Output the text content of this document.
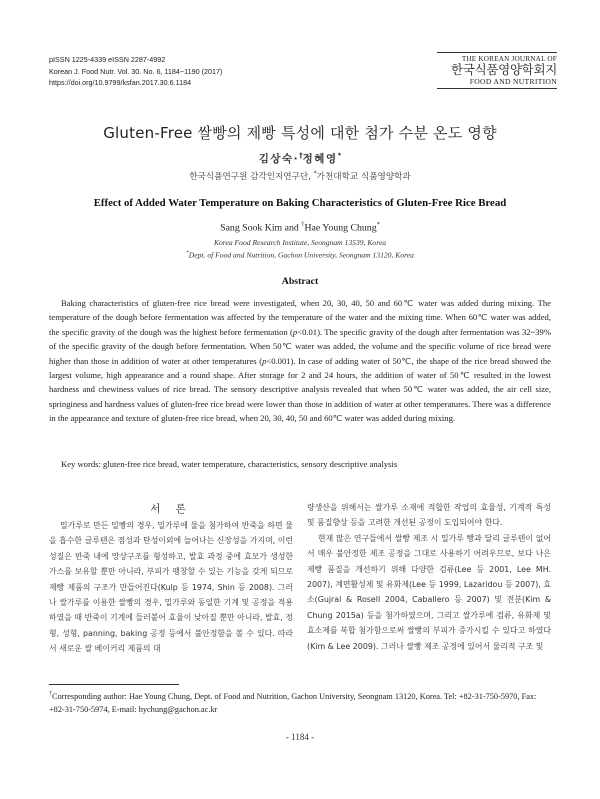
pISSN 1225-4339 eISSN 2287-4992
Korean J. Food Nutr. Vol. 30. No. 6, 1184~1190 (2017)
https://doi.org/10.9799/ksfan.2017.30.6.1184
THE KOREAN JOURNAL OF
한국식품영양학회지
FOOD AND NUTRITION
Gluten-Free 쌀빵의 제빵 특성에 대한 첨가 수분 온도 영향
김상숙·†정혜영*
한국식품연구원 감각인지연구단, *가천대학교 식품영양학과
Effect of Added Water Temperature on Baking Characteristics of Gluten-Free Rice Bread
Sang Sook Kim and †Hae Young Chung*
Korea Food Research Institute, Seongnam 13539, Korea
*Dept. of Food and Nutrition, Gachon University, Seongnam 13120, Korea
Abstract
Baking characteristics of gluten-free rice bread were investigated, when 20, 30, 40, 50 and 60℃ water was added during mixing. The temperature of the dough before fermentation was affected by the temperature of the water and the mixing time. When 60℃ water was added, the specific gravity of the dough was the highest before fermentation (p<0.01). The specific gravity of the dough after fermentation was 32~39% of the specific gravity of the dough before fermentation. When 50℃ water was added, the volume and the specific volume of rice bread were higher than those in addition of water at other temperatures (p<0.001). In case of adding water of 50℃, the shape of the rice bread showed the largest volume, high appearance and a round shape. After storage for 2 and 24 hours, the addition of water of 50℃ resulted in the lowest hardness and chewiness values of rice bread. The sensory descriptive analysis revealed that when 50℃ water was added, the air cell size, springiness and hardness values of gluten-free rice bread were lower than those in addition of water at other temperatures. There was a difference in the appearance and texture of gluten-free rice bread, when 20, 30, 40, 50 and 60℃ water was added during mixing.
Key words: gluten-free rice bread, water temperature, characteristics, sensory descriptive analysis
서 론

밀가루로 만든 밀빵의 경우, 밀가루에 물을 첨가하여 반죽을 하면 물을 흡수한 글루텐은 점성과 탄성이외에 늘어나는 신장성을 가지며, 이런 성질은 반죽 내에 망상구조를 형성하고, 발효 과정 중에 효모가 생성한 가스를 보유할 뿐만 아니라, 부피가 팽창할 수 있는 기능을 갖게 되므로 제빵 제품의 구조가 만들어진다(Kulp 등 1974, Shin 등 2008). 그러나 쌀가루를 이용한 쌀빵의 경우, 밀가루와 동일한 기계 및 공정을 적용하였을 때 반죽이 기계에 들러붙어 효율이 낮아질 뿐만 아니라, 발효, 정형, 성형, panning, baking 공정 등에서 불안정함을 볼 수 있다. 따라서 새로운 쌀 베이커리 제품의 대

량생산을 위해서는 쌀가루 소재에 적합한 작업의 효율성, 기계적 특성 및 품질향상 등을 고려한 개선된 공정이 도입되어야 한다.

현재 많은 연구들에서 쌀빵 제조 시 밀가루 빵과 달리 글루텐이 없어서 매우 불안정한 제조 공정을 그대로 사용하기 어려우므로, 보다 나은 제빵 품질을 개선하기 위해 다양한 검류(Lee 등 2001, Lee MH. 2007), 계면활성제 및 유화제(Lee 등 1999, Lazaridou 등 2007), 효소(Gujral & Rosell 2004, Caballero 등 2007) 및 전분(Kim & Chung 2015a) 등을 첨가하였으며, 그리고 쌀가루에 검류, 유화제 및 효소제를 복합 첨가함으로써 쌀빵의 부피가 증가시킬 수 있다고 하였다(Kim & Lee 2009). 그러나 쌀빵 제조 공정에 있어서 물리적 구조 및

†Corresponding author: Hae Young Chung, Dept. of Food and Nutrition, Gachon University, Seongnam 13120, Korea. Tel: +82-31-750-5970, Fax: +82-31-750-5974, E-mail: hychung@gachon.ac.kr
- 1184 -
